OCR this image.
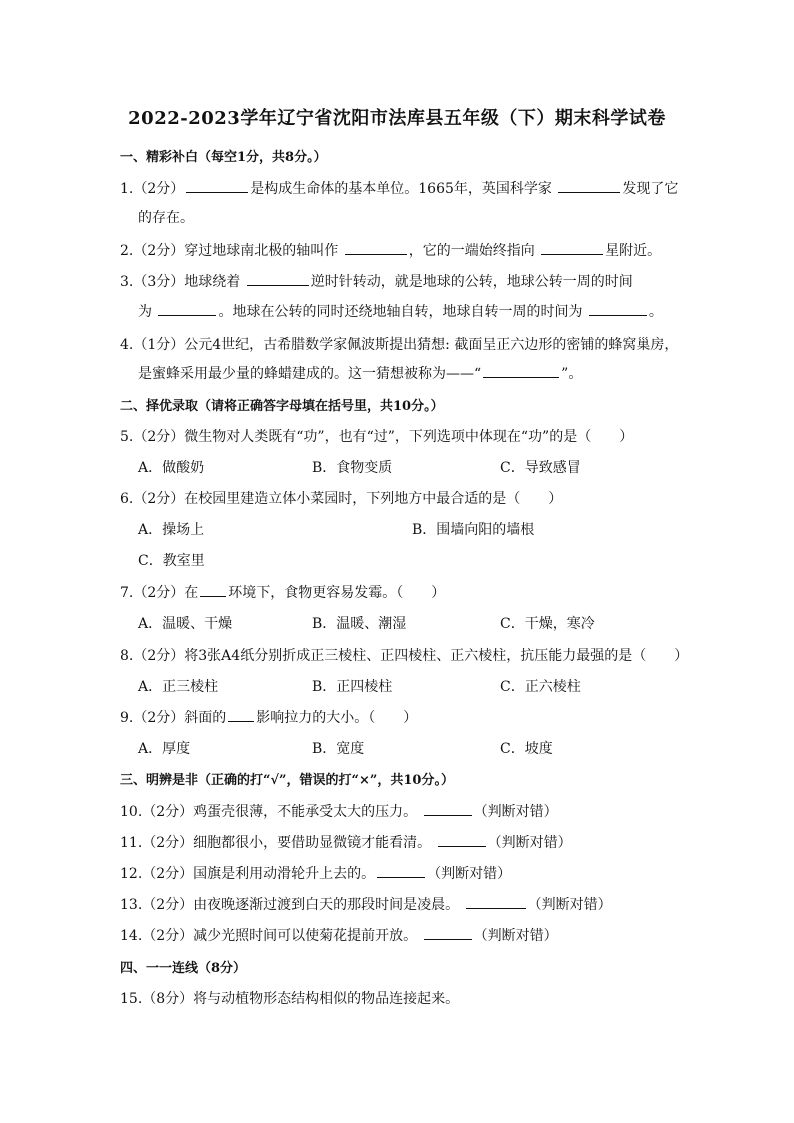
2022-2023学年辽宁省沈阳市法库县五年级（下）期末科学试卷
一、精彩补白（每空1分，共8分。）
1.（2分）	是构成生命体的基本单位。1665年，英国科学家	发现了它
的存在。
2.（2分）穿过地球南北极的轴叫作	，它的一端始终指向	星附近。
3.（3分）地球绕着	逆时针转动，就是地球的公转，地球公转一周的时间
为	。地球在公转的同时还绕地轴自转，地球自转一周的时间为	。
4.（1分）公元4世纪，古希腊数学家佩波斯提出猜想: 截面呈正六边形的密铺的蜂窝巢房，
是蜜蜂采用最少量的蜂蜡建成的。这一猜想被称为——“	”。
二、择优录取（请将正确答字母填在括号里，共10分。）
5.（2分）微生物对人类既有“功”，也有“过”，下列选项中体现在“功”的是（　　）
A．做酸奶	B．食物变质	C．导致感冒
6.（2分）在校园里建造立体小菜园时，下列地方中最合适的是（　　）
A．操场上	B．围墙向阳的墙根
C．教室里
7.（2分）在 环境下，食物更容易发霉。（　　）
A．温暖、干燥	B．温暖、潮湿	C．干燥，寒冷
8.（2分）将3张A4纸分别折成正三棱柱、正四棱柱、正六棱柱，抗压能力最强的是（　　）
A．正三棱柱	B．正四棱柱	C．正六棱柱
9.（2分）斜面的 影响拉力的大小。（　　）
A．厚度	B．宽度	C．坡度
三、明辨是非（正确的打“√”，错误的打“×”，共10分。）
10.（2分）鸡蛋壳很薄，不能承受太大的压力。	（判断对错）
11.（2分）细胞都很小，要借助显微镜才能看清。	（判断对错）
12.（2分）国旗是利用动滑轮升上去的。	（判断对错）
13.（2分）由夜晚逐渐过渡到白天的那段时间是凌晨。	（判断对错）
14.（2分）减少光照时间可以使菊花提前开放。	（判断对错）
四、一一连线（8分）
15.（8分）将与动植物形态结构相似的物品连接起来。
